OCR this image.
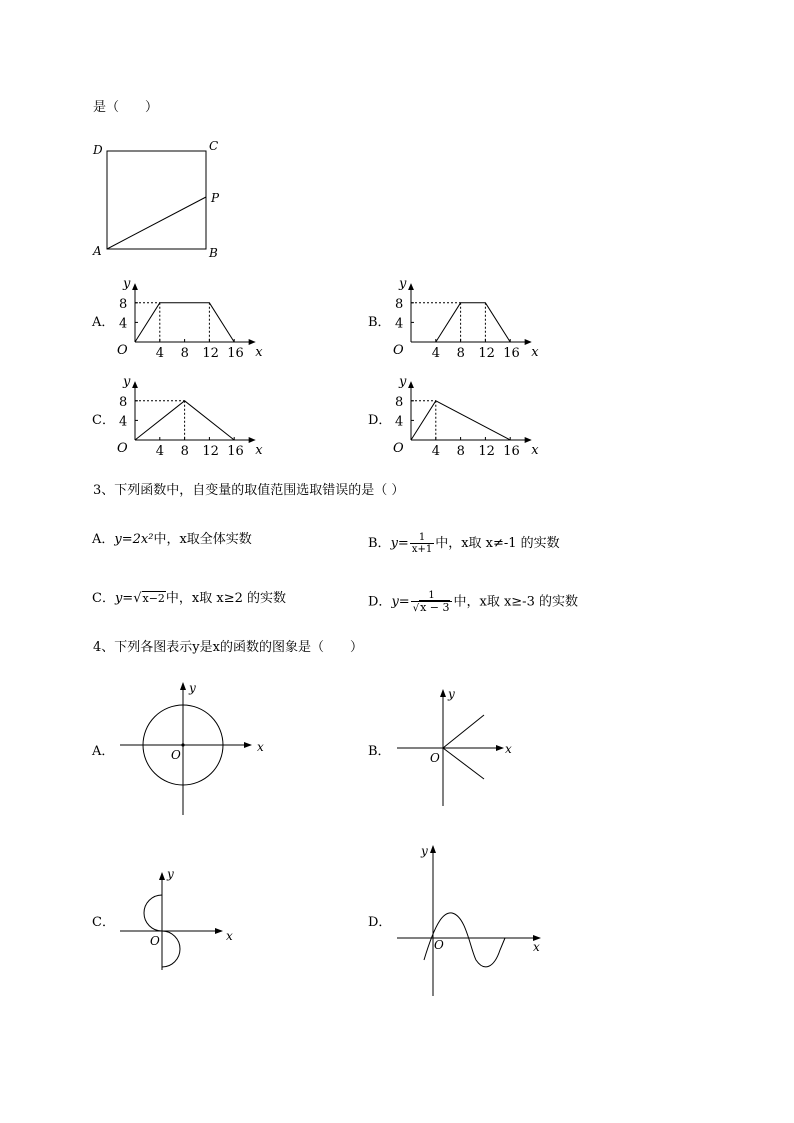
是（　　）
D	C
P
A	B
A．	B．
C．	D．
y
x
O
4
8
4 8 12 16
y
x
O
4
8
4 8 12 16
y
x
O
4
8
4 8 12 16
y
x
O
4
8
4 8 12 16
3、下列函数中，自变量的取值范围选取错误的是（ ）
A．y=2x²中，x取全体实数	B．$y= \frac{1}{x+1}$ 中，x取 x≠-1 的实数
C．y=√x−2中，x取 x≥2 的实数	D．$y= \frac{1}{√x - 3}$ 中，x取 x≥-3 的实数
4、下列各图表示y是x的函数的图象是（　　）
A．	B．
C．	D．
y
x
O
y
x
O
y
x
O
y
x
O
